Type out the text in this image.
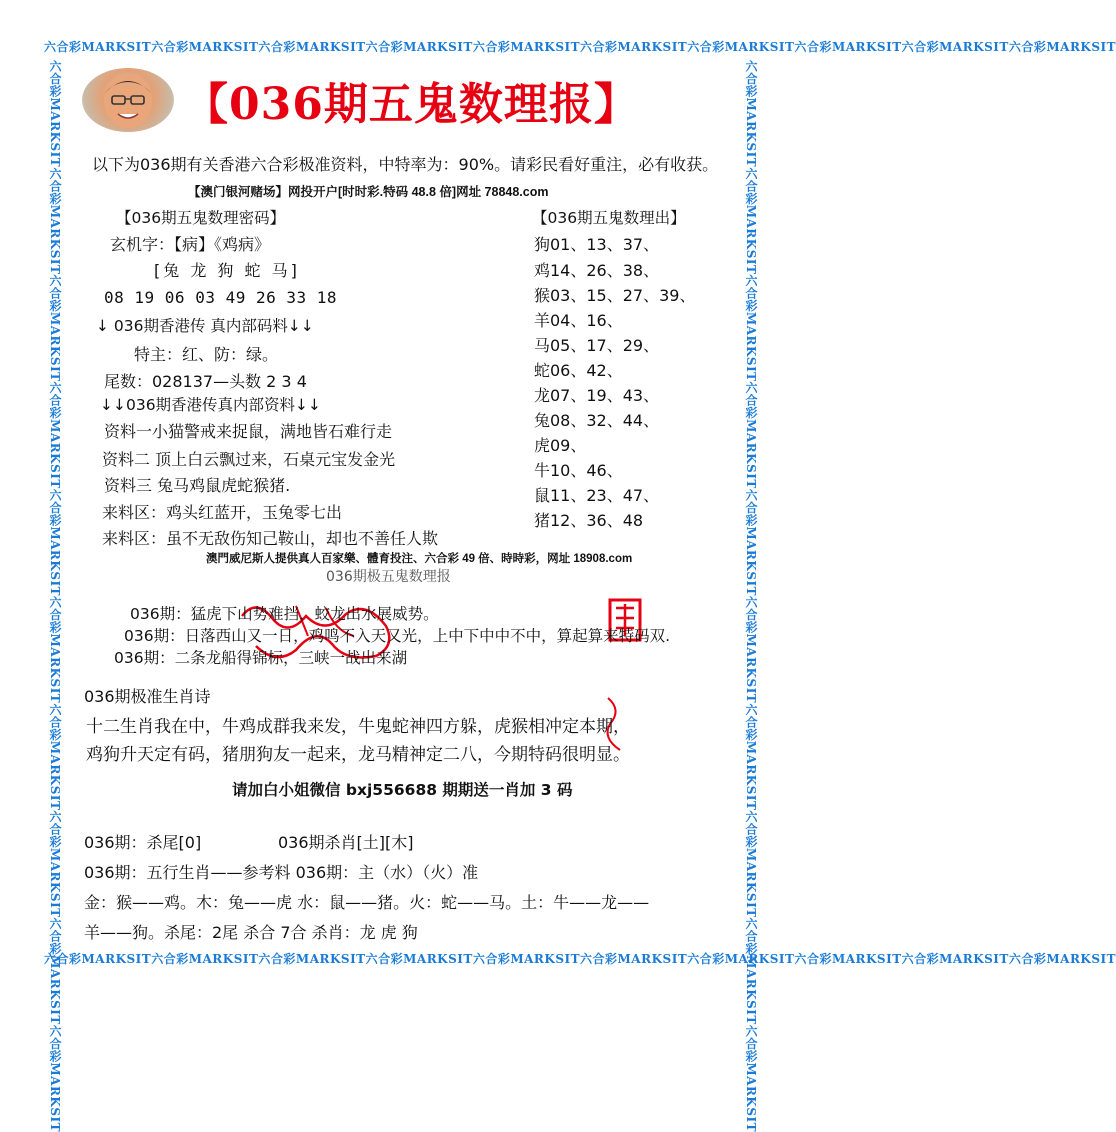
六合彩MARKSIT六合彩MARKSIT六合彩MARKSIT六合彩MARKSIT六合彩MARKSIT六合彩MARKSIT六合彩MARKSIT六合彩MARKSIT六合彩MARKSIT六合彩MARKSIT
六合彩MARKSIT六合彩MARKSIT六合彩MARKSIT六合彩MARKSIT六合彩MARKSIT六合彩MARKSIT六合彩MARKSIT六合彩MARKSIT六合彩MARKSIT六合彩MARKSIT
六合彩MARKSIT六合彩MARKSIT六合彩MARKSIT六合彩MARKSIT六合彩MARKSIT六合彩MARKSIT六合彩MARKSIT六合彩MARKSIT六合彩MARKSIT六合彩MARKSIT	六合彩MARKSIT六合彩MARKSIT六合彩MARKSIT六合彩MARKSIT六合彩MARKSIT六合彩MARKSIT六合彩MARKSIT六合彩MARKSIT六合彩MARKSIT六合彩MARKSIT
【036期五鬼数理报】
以下为036期有关香港六合彩极准资料，中特率为：90%。请彩民看好重注，必有收获。
【澳门银河赌场】网投开户[时时彩.特码 48.8 倍]网址 78848.com
【036期五鬼数理密码】
玄机字：【病】《鸡病》
[兔 龙 狗 蛇 马]
08 19 06 03 49 26 33 18
↓ 036期香港传 真内部码料↓↓
特主：红、防：绿。
尾数：028137—头数 2 3 4
↓↓036期香港传真内部资料↓↓
资料一小猫警戒来捉鼠，满地皆石难行走
资料二 顶上白云飘过来，石桌元宝发金光
资料三 兔马鸡鼠虎蛇猴猪.
来料区：鸡头红蓝开，玉兔零七出
来料区：虽不无敌伤知己鞍山，却也不善任人欺
【036期五鬼数理出】
狗01、13、37、
鸡14、26、38、
猴03、15、27、39、
羊04、16、
马05、17、29、
蛇06、42、
龙07、19、43、
兔08、32、44、
虎09、
牛10、46、
鼠11、23、47、
猪12、36、48
澳門威尼斯人提供真人百家樂、體育投注、六合彩 49 倍、時時彩，网址 18908.com
036期极五鬼数理报
036期：猛虎下山势难挡，蛟龙出水展威势。
036期：日落西山又一日，鸡鸣不入天又光，上中下中中不中，算起算来特码双.
036期：二条龙船得锦标，三峡一战出来湖
036期极准生肖诗
十二生肖我在中，牛鸡成群我来发，牛鬼蛇神四方躲，虎猴相冲定本期，
鸡狗升天定有码，猪朋狗友一起来，龙马精神定二八，今期特码很明显。
请加白小姐微信 bxj556688 期期送一肖加 3 码
036期：杀尾[0]	036期杀肖[土][木]
036期：五行生肖——参考料 036期：主（水）（火）准
金：猴——鸡。木：兔——虎 水：鼠——猪。火：蛇——马。土：牛——龙——
羊——狗。杀尾：2尾 杀合 7合 杀肖：龙 虎 狗
